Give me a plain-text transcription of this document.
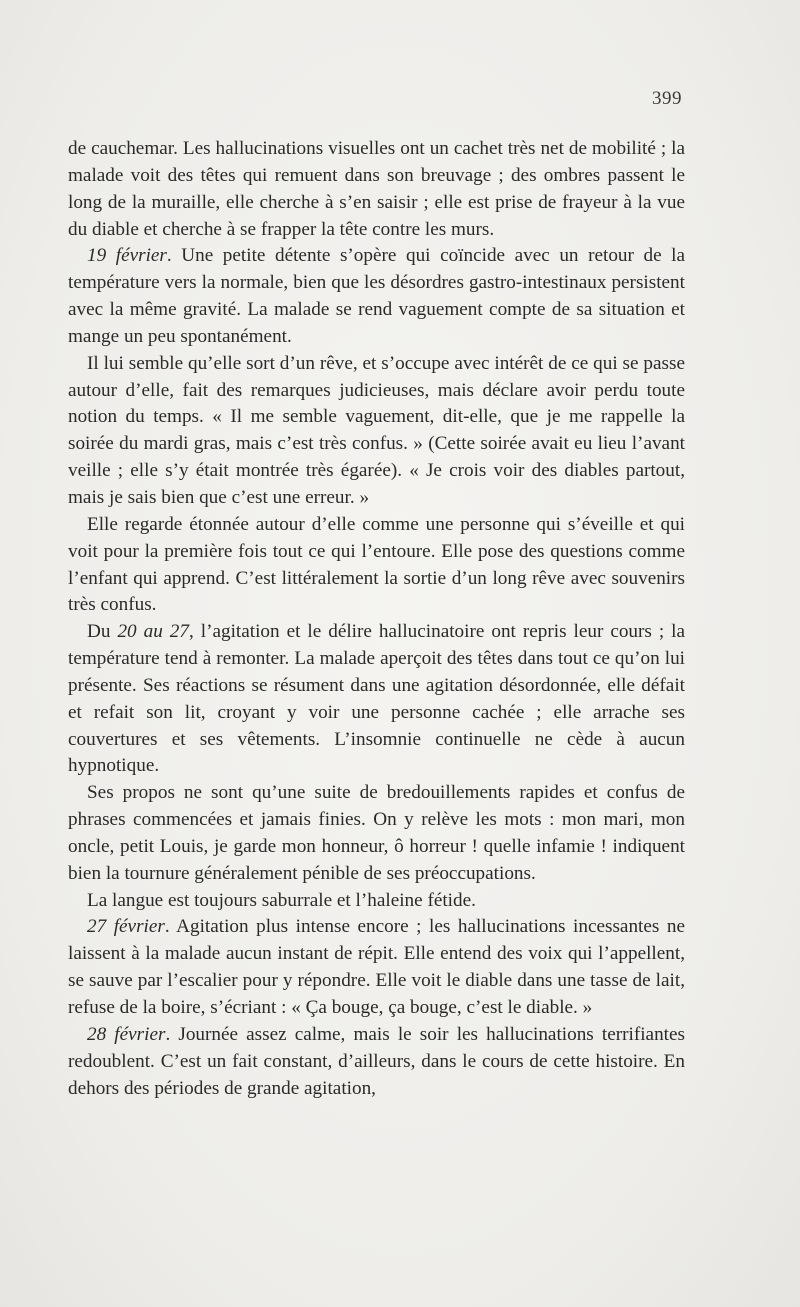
399

de cauchemar. Les hallucinations visuelles ont un cachet très net de mobilité ; la malade voit des têtes qui remuent dans son breuvage ; des ombres passent le long de la muraille, elle cherche à s’en saisir ; elle est prise de frayeur à la vue du diable et cherche à se frapper la tête contre les murs.

19 février. Une petite détente s’opère qui coïncide avec un retour de la température vers la normale, bien que les désordres gastro-intestinaux persistent avec la même gravité. La malade se rend vaguement compte de sa situation et mange un peu spontanément.

Il lui semble qu’elle sort d’un rêve, et s’occupe avec intérêt de ce qui se passe autour d’elle, fait des remarques judicieuses, mais déclare avoir perdu toute notion du temps. « Il me semble vaguement, dit-elle, que je me rappelle la soirée du mardi gras, mais c’est très confus. » (Cette soirée avait eu lieu l’avant veille ; elle s’y était montrée très égarée). « Je crois voir des diables partout, mais je sais bien que c’est une erreur. »

Elle regarde étonnée autour d’elle comme une personne qui s’éveille et qui voit pour la première fois tout ce qui l’entoure. Elle pose des questions comme l’enfant qui apprend. C’est littéralement la sortie d’un long rêve avec souvenirs très confus.

Du 20 au 27, l’agitation et le délire hallucinatoire ont repris leur cours ; la température tend à remonter. La malade aperçoit des têtes dans tout ce qu’on lui présente. Ses réactions se résument dans une agitation désordonnée, elle défait et refait son lit, croyant y voir une personne cachée ; elle arrache ses couvertures et ses vêtements. L’insomnie continuelle ne cède à aucun hypnotique.

Ses propos ne sont qu’une suite de bredouillements rapides et confus de phrases commencées et jamais finies. On y relève les mots : mon mari, mon oncle, petit Louis, je garde mon honneur, ô horreur ! quelle infamie ! indiquent bien la tournure généralement pénible de ses préoccupations.

La langue est toujours saburrale et l’haleine fétide.

27 février. Agitation plus intense encore ; les hallucinations incessantes ne laissent à la malade aucun instant de répit. Elle entend des voix qui l’appellent, se sauve par l’escalier pour y répondre. Elle voit le diable dans une tasse de lait, refuse de la boire, s’écriant : « Ça bouge, ça bouge, c’est le diable. »

28 février. Journée assez calme, mais le soir les hallucinations terrifiantes redoublent. C’est un fait constant, d’ailleurs, dans le cours de cette histoire. En dehors des périodes de grande agitation,
